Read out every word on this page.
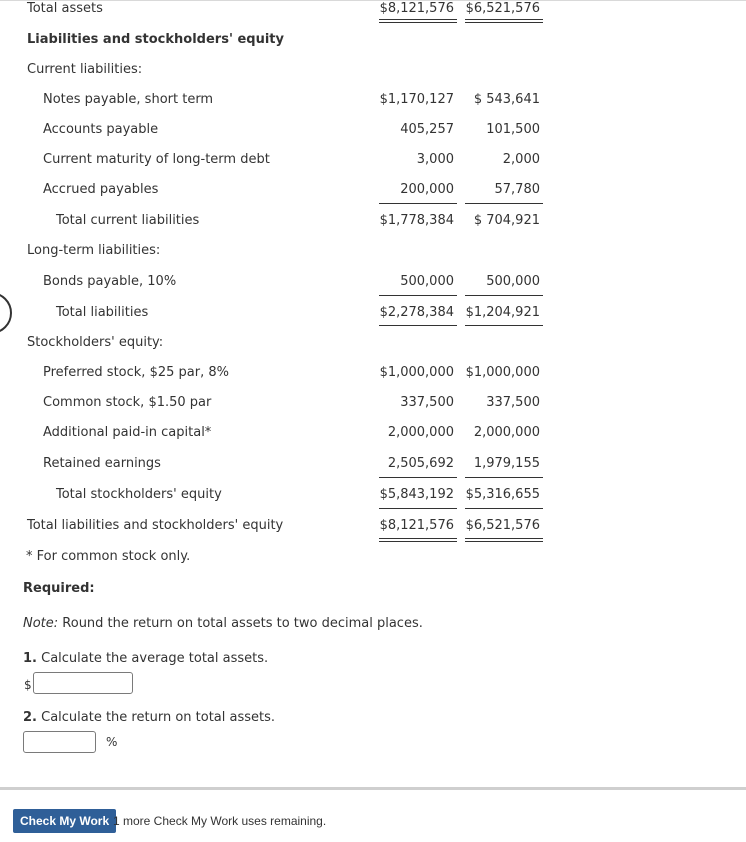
Total assets	$8,121,576 $6,521,576
Liabilities and stockholders' equity
Current liabilities:
Notes payable, short term	$1,170,127 $ 543,641
Accounts payable	405,257 101,500
Current maturity of long-term debt	3,000	2,000
Accrued payables	200,000	57,780
Total current liabilities	$1,778,384 $ 704,921
Long-term liabilities:
Bonds payable, 10%	500,000 500,000
Total liabilities	$2,278,384 $1,204,921
Stockholders' equity:
Preferred stock, $25 par, 8%	$1,000,000 $1,000,000
Common stock, $1.50 par	337,500 337,500
Additional paid-in capital*	2,000,000 2,000,000
Retained earnings	2,505,692 1,979,155
Total stockholders' equity	$5,843,192 $5,316,655
Total liabilities and stockholders' equity	$8,121,576 $6,521,576
* For common stock only.
Required:
Note: Round the return on total assets to two decimal places.
1. Calculate the average total assets.
$
2. Calculate the return on total assets.
%
Check My Work 1 more Check My Work uses remaining.
